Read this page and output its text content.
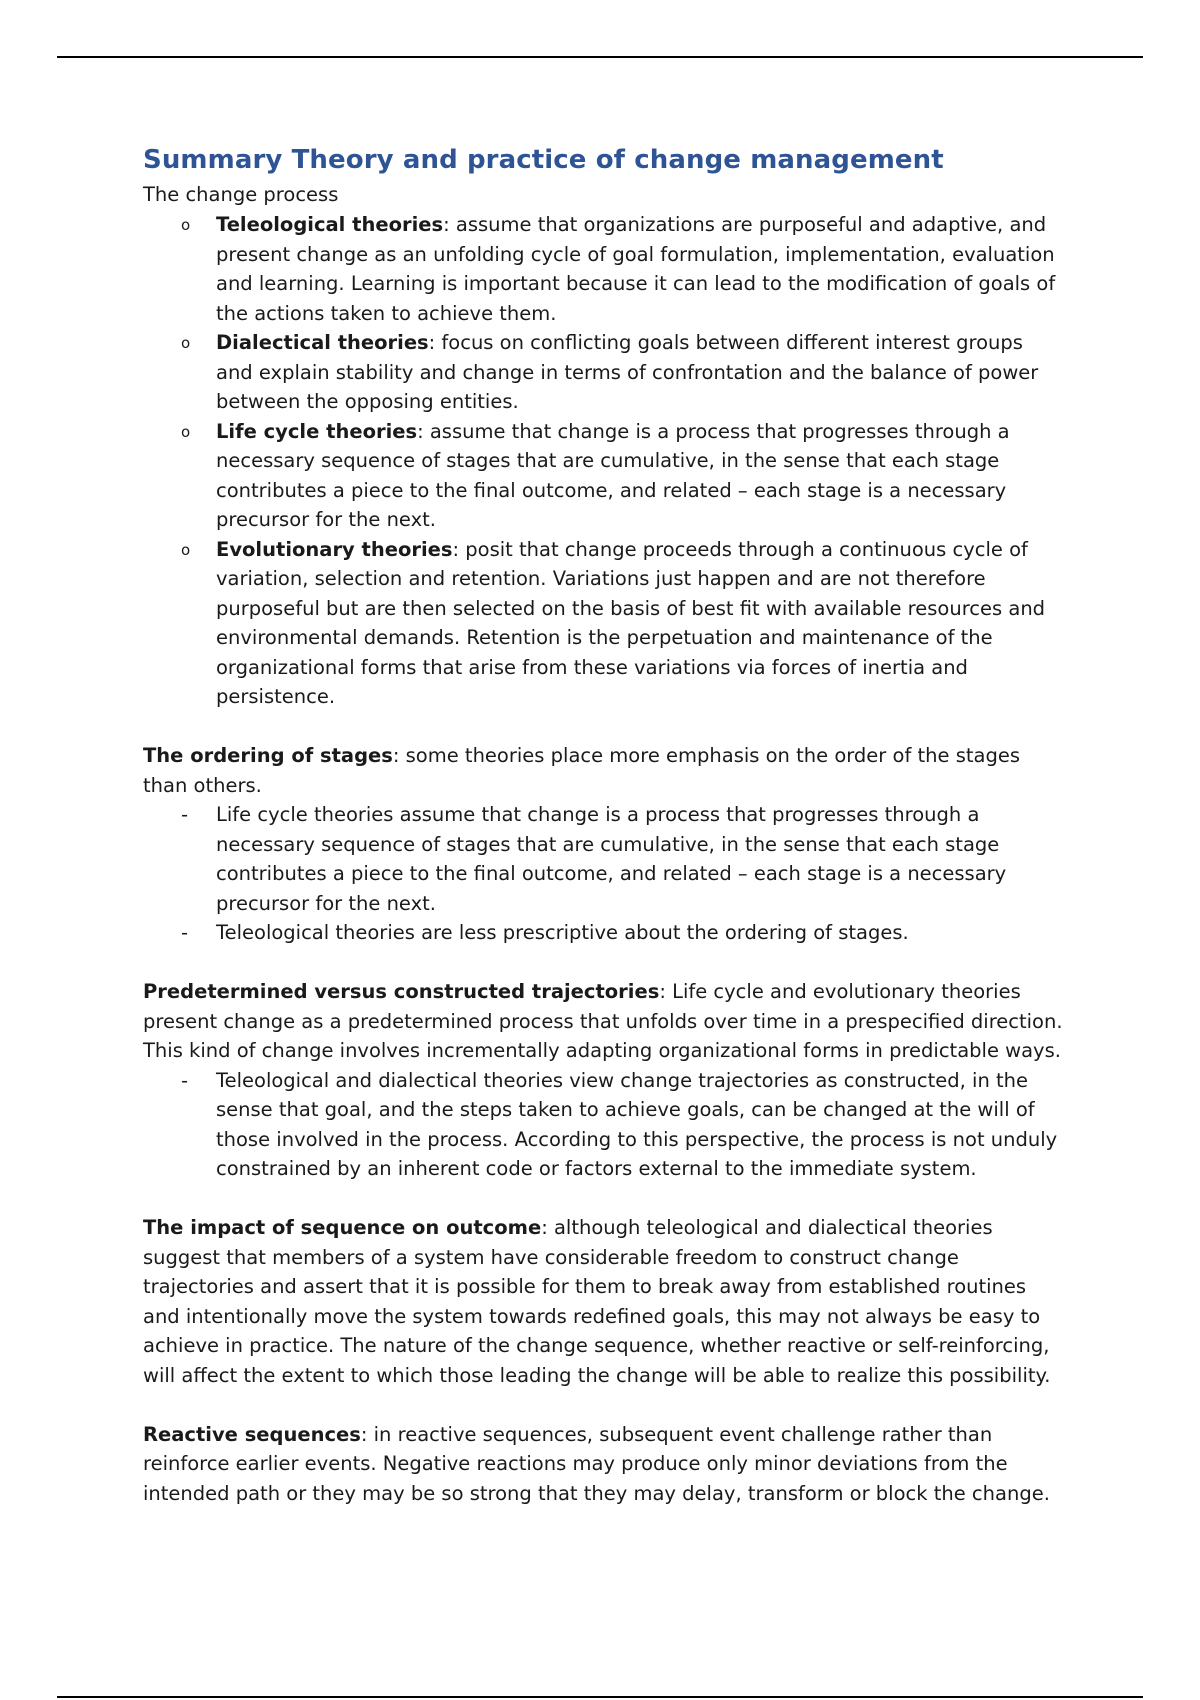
Summary Theory and practice of change management

The change process

o	Teleological theories: assume that organizations are purposeful and adaptive, and present change as an unfolding cycle of goal formulation, implementation, evaluation and learning. Learning is important because it can lead to the modification of goals of the actions taken to achieve them.
o	Dialectical theories: focus on conflicting goals between different interest groups and explain stability and change in terms of confrontation and the balance of power between the opposing entities.
o	Life cycle theories: assume that change is a process that progresses through a necessary sequence of stages that are cumulative, in the sense that each stage contributes a piece to the final outcome, and related – each stage is a necessary precursor for the next.
o	Evolutionary theories: posit that change proceeds through a continuous cycle of variation, selection and retention. Variations just happen and are not therefore purposeful but are then selected on the basis of best fit with available resources and environmental demands. Retention is the perpetuation and maintenance of the organizational forms that arise from these variations via forces of inertia and persistence.

The ordering of stages: some theories place more emphasis on the order of the stages than others.

-	Life cycle theories assume that change is a process that progresses through a necessary sequence of stages that are cumulative, in the sense that each stage contributes a piece to the final outcome, and related – each stage is a necessary precursor for the next.
-	Teleological theories are less prescriptive about the ordering of stages.

Predetermined versus constructed trajectories: Life cycle and evolutionary theories present change as a predetermined process that unfolds over time in a prespecified direction. This kind of change involves incrementally adapting organizational forms in predictable ways.

-	Teleological and dialectical theories view change trajectories as constructed, in the sense that goal, and the steps taken to achieve goals, can be changed at the will of those involved in the process. According to this perspective, the process is not unduly constrained by an inherent code or factors external to the immediate system.

The impact of sequence on outcome: although teleological and dialectical theories suggest that members of a system have considerable freedom to construct change trajectories and assert that it is possible for them to break away from established routines and intentionally move the system towards redefined goals, this may not always be easy to achieve in practice. The nature of the change sequence, whether reactive or self-reinforcing, will affect the extent to which those leading the change will be able to realize this possibility.

Reactive sequences: in reactive sequences, subsequent event challenge rather than reinforce earlier events. Negative reactions may produce only minor deviations from the intended path or they may be so strong that they may delay, transform or block the change.
